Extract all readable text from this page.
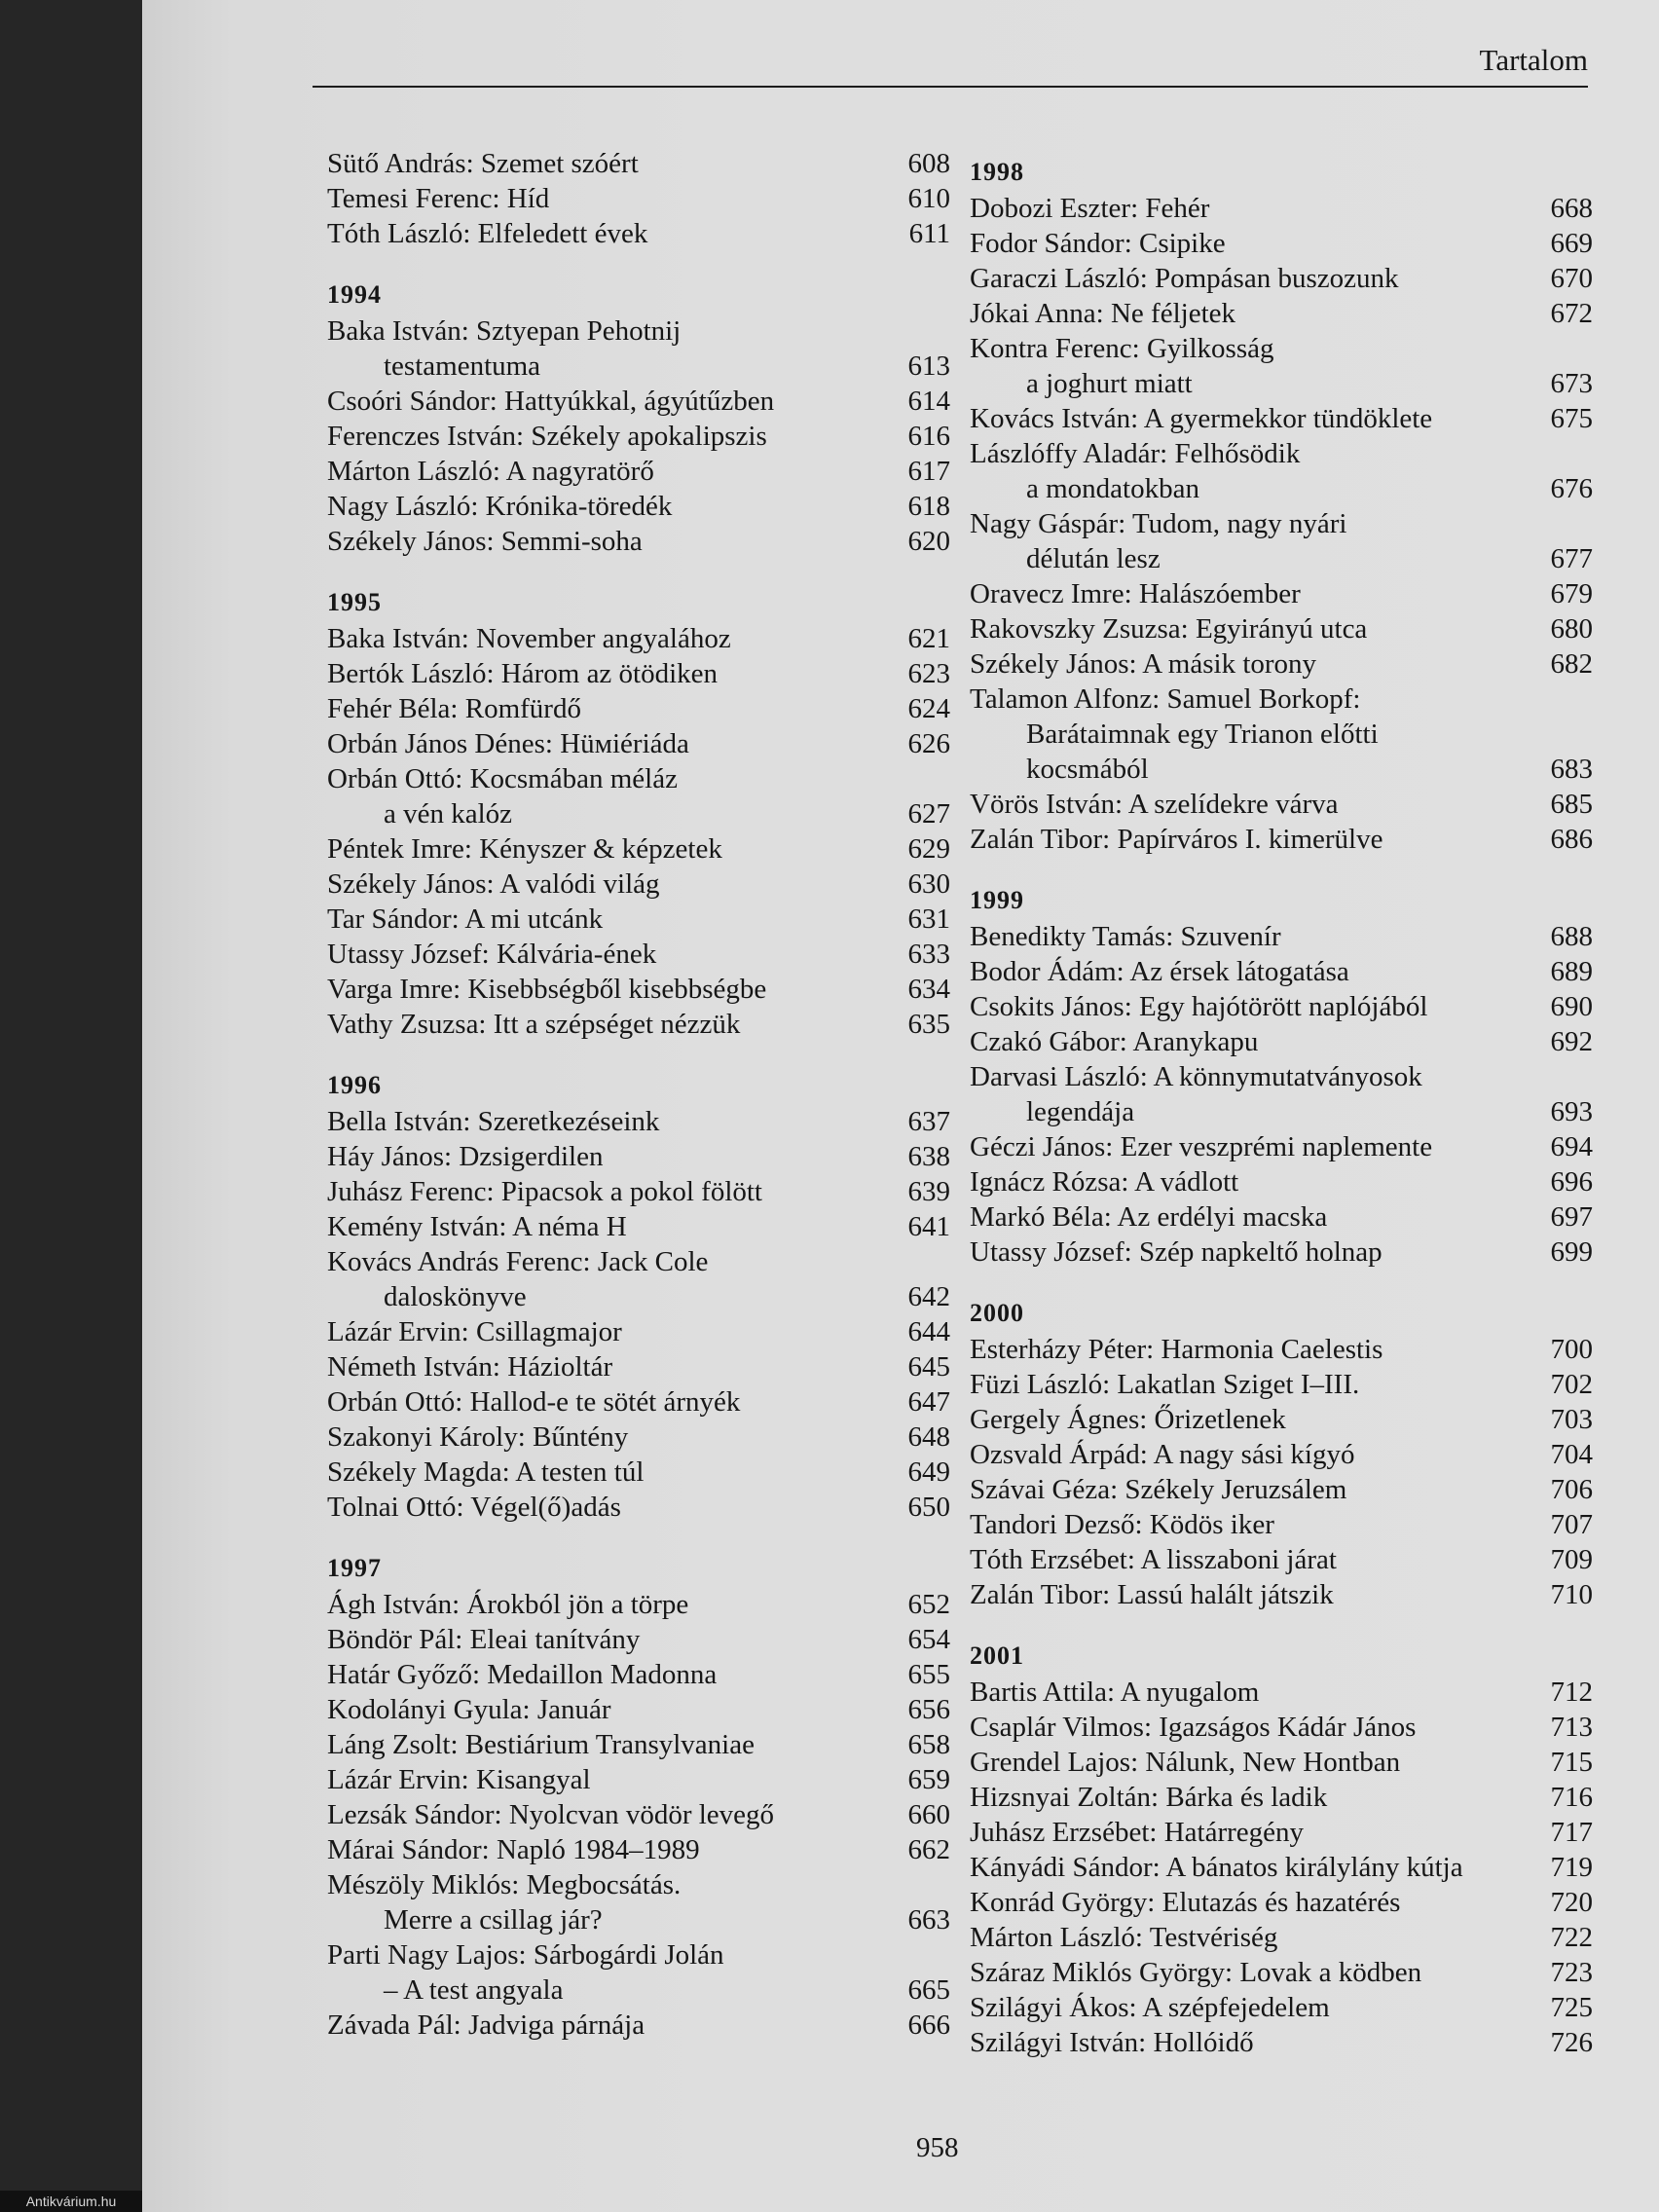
Tartalom
Sütő András: Szemet szóért	608
Temesi Ferenc: Híd	610
Tóth László: Elfeledett évek	611
1994
Baka István: Sztyepan Pehotnij
testamentuma	613
Csoóri Sándor: Hattyúkkal, ágyútűzben	614
Ferenczes István: Székely apokalipszis	616
Márton László: A nagyratörő	617
Nagy László: Krónika-töredék	618
Székely János: Semmi-soha	620
1995
Baka István: November angyalához	621
Bertók László: Három az ötödiken	623
Fehér Béla: Romfürdő	624
Orbán János Dénes: Hüміériáda	626
Orbán Ottó: Kocsmában méláz
a vén kalóz	627
Péntek Imre: Kényszer & képzetek	629
Székely János: A valódi világ	630
Tar Sándor: A mi utcánk	631
Utassy József: Kálvária-ének	633
Varga Imre: Kisebbségből kisebbségbe	634
Vathy Zsuzsa: Itt a szépséget nézzük	635
1996
Bella István: Szeretkezéseink	637
Háy János: Dzsigerdilen	638
Juhász Ferenc: Pipacsok a pokol fölött	639
Kemény István: A néma H	641
Kovács András Ferenc: Jack Cole
daloskönyve	642
Lázár Ervin: Csillagmajor	644
Németh István: Házioltár	645
Orbán Ottó: Hallod-e te sötét árnyék	647
Szakonyi Károly: Bűntény	648
Székely Magda: A testen túl	649
Tolnai Ottó: Végel(ő)adás	650
1997
Ágh István: Árokból jön a törpe	652
Böndör Pál: Eleai tanítvány	654
Határ Győző: Medaillon Madonna	655
Kodolányi Gyula: Január	656
Láng Zsolt: Bestiárium Transylvaniae	658
Lázár Ervin: Kisangyal	659
Lezsák Sándor: Nyolcvan vödör levegő	660
Márai Sándor: Napló 1984–1989	662
Mészöly Miklós: Megbocsátás.
Merre a csillag jár?	663
Parti Nagy Lajos: Sárbogárdi Jolán
– A test angyala	665
Závada Pál: Jadviga párnája	666
1998
Dobozi Eszter: Fehér	668
Fodor Sándor: Csipike	669
Garaczi László: Pompásan buszozunk	670
Jókai Anna: Ne féljetek	672
Kontra Ferenc: Gyilkosság
a joghurt miatt	673
Kovács István: A gyermekkor tündöklete	675
Lászlóffy Aladár: Felhősödik
a mondatokban	676
Nagy Gáspár: Tudom, nagy nyári
délután lesz	677
Oravecz Imre: Halászóember	679
Rakovszky Zsuzsa: Egyirányú utca	680
Székely János: A másik torony	682
Talamon Alfonz: Samuel Borkopf:
Barátaimnak egy Trianon előtti
kocsmából	683
Vörös István: A szelídekre várva	685
Zalán Tibor: Papírváros I. kimerülve	686
1999
Benedikty Tamás: Szuvenír	688
Bodor Ádám: Az érsek látogatása	689
Csokits János: Egy hajótörött naplójából	690
Czakó Gábor: Aranykapu	692
Darvasi László: A könnymutatványosok
legendája	693
Géczi János: Ezer veszprémi naplemente	694
Ignácz Rózsa: A vádlott	696
Markó Béla: Az erdélyi macska	697
Utassy József: Szép napkeltő holnap	699
2000
Esterházy Péter: Harmonia Caelestis	700
Füzi László: Lakatlan Sziget I–III.	702
Gergely Ágnes: Őrizetlenek	703
Ozsvald Árpád: A nagy sási kígyó	704
Szávai Géza: Székely Jeruzsálem	706
Tandori Dezső: Ködös iker	707
Tóth Erzsébet: A lisszaboni járat	709
Zalán Tibor: Lassú halált játszik	710
2001
Bartis Attila: A nyugalom	712
Csaplár Vilmos: Igazságos Kádár János	713
Grendel Lajos: Nálunk, New Hontban	715
Hizsnyai Zoltán: Bárka és ladik	716
Juhász Erzsébet: Határregény	717
Kányádi Sándor: A bánatos királylány kútja	719
Konrád György: Elutazás és hazatérés	720
Márton László: Testvériség	722
Száraz Miklós György: Lovak a ködben	723
Szilágyi Ákos: A szépfejedelem	725
Szilágyi István: Hollóidő	726
958
Antikvárium.hu
